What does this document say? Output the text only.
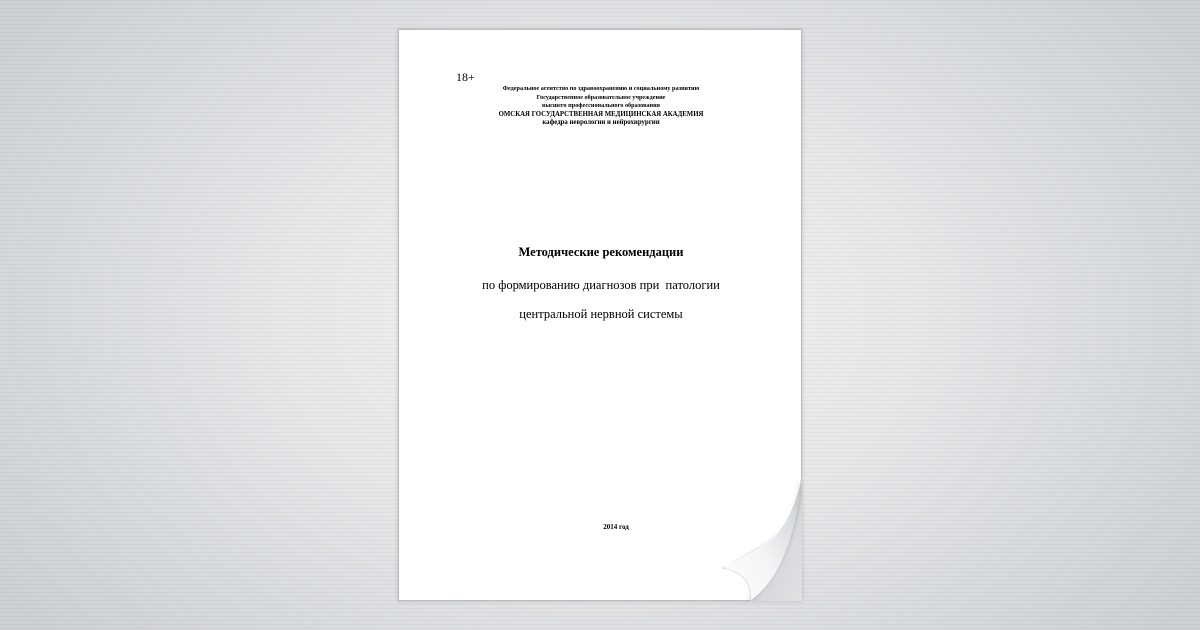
18+
Федеральное агентство по здравоохранению и социальному развитию
Государственное образовательное учреждение
высшего профессионального образования
ОМСКАЯ ГОСУДАРСТВЕННАЯ МЕДИЦИНСКАЯ АКАДЕМИЯ
кафедра неврологии и нейрохирургии
Методические рекомендации
по формированию диагнозов при  патологии
центральной нервной системы
2014 год
